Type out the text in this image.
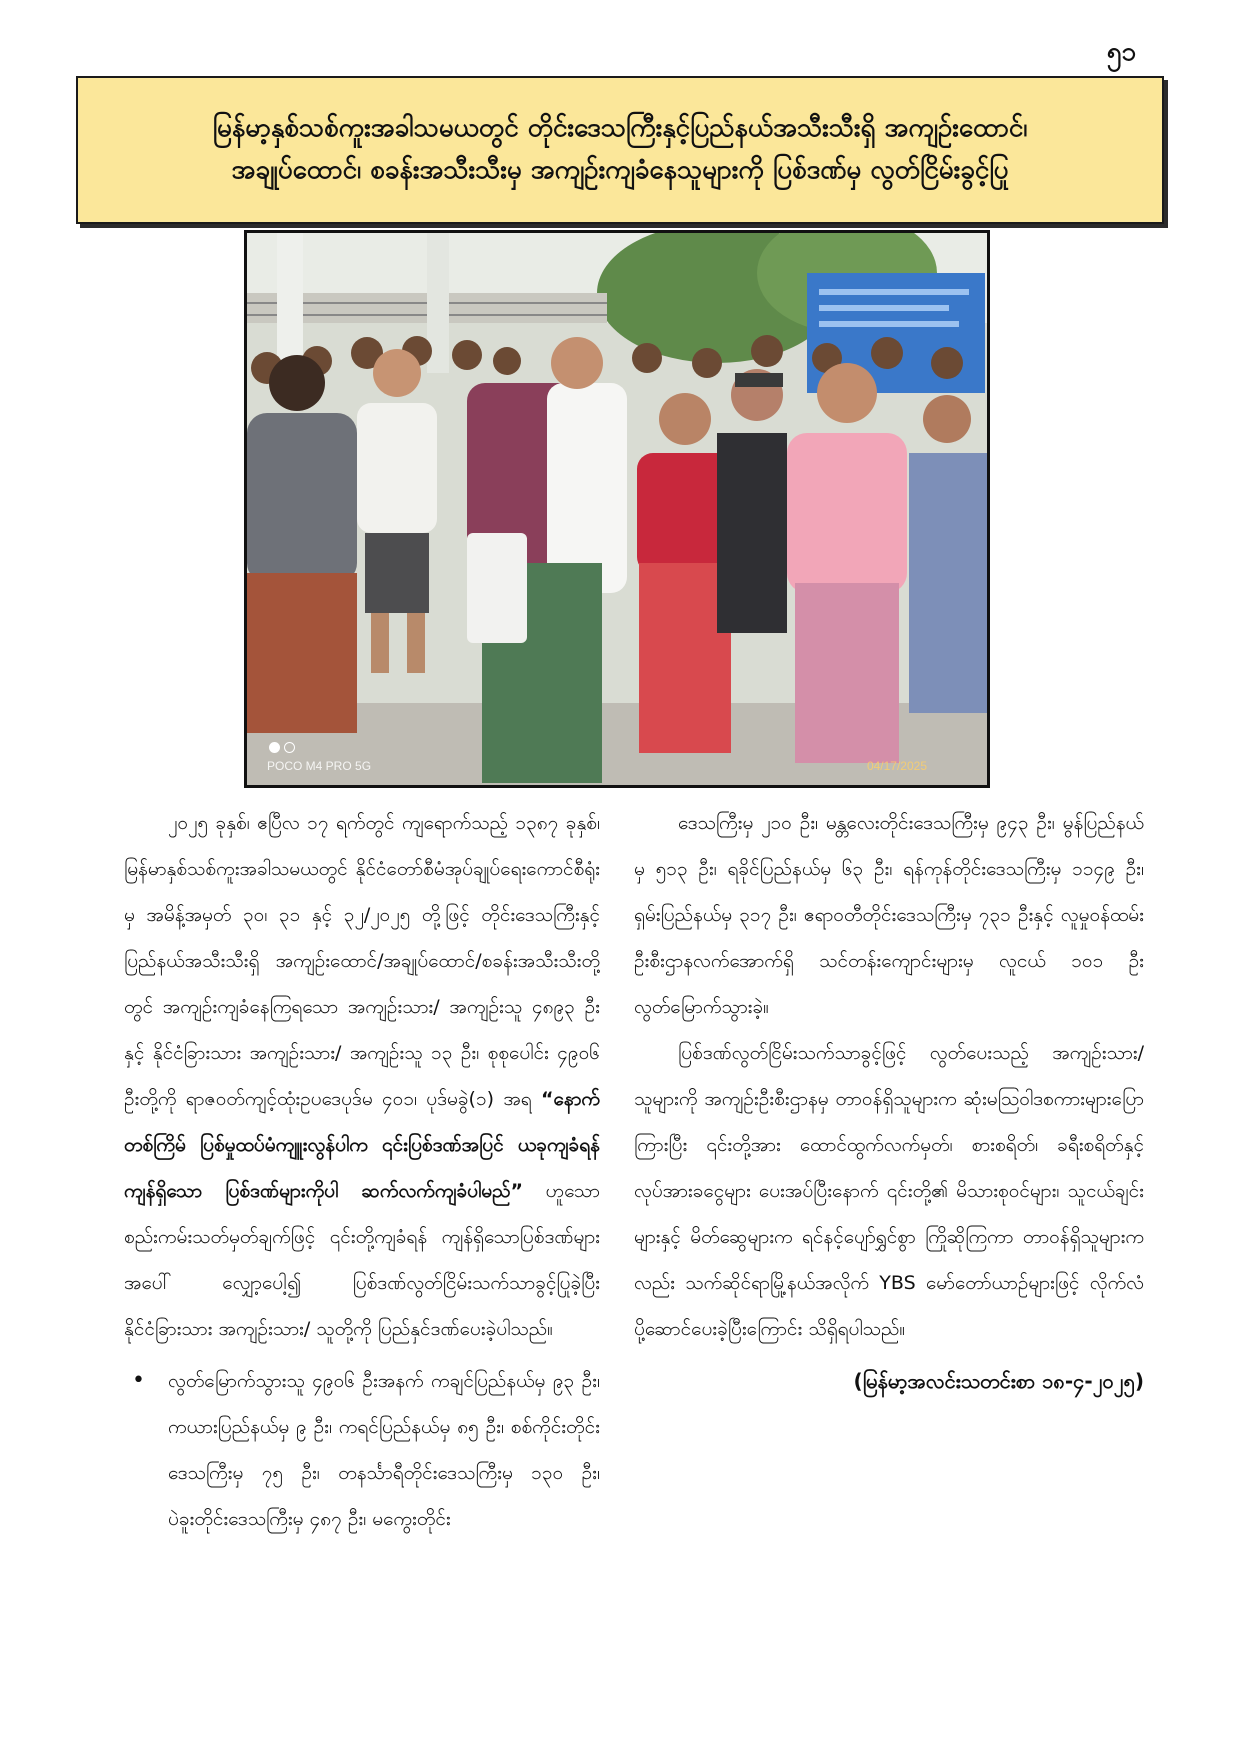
၅၁
မြန်မာ့နှစ်သစ်ကူးအခါသမယတွင် တိုင်းဒေသကြီးနှင့်ပြည်နယ်အသီးသီးရှိ အကျဉ်းထောင်၊
အချုပ်ထောင်၊ စခန်းအသီးသီးမှ အကျဉ်းကျခံနေသူများကို ပြစ်ဒဏ်မှ လွတ်ငြိမ်းခွင့်ပြု
POCO M4 PRO 5G	04/17/2025

၂၀၂၅ ခုနှစ်၊ ဧပြီလ ၁၇ ရက်တွင် ကျရောက်သည့် ၁၃၈၇ ခုနှစ်၊ မြန်မာနှစ်သစ်ကူးအခါသမယတွင် နိုင်ငံတော်စီမံအုပ်ချုပ်ရေးကောင်စီရုံးမှ အမိန့်အမှတ် ၃၀၊ ၃၁ နှင့် ၃၂/၂၀၂၅ တို့ဖြင့် တိုင်းဒေသကြီးနှင့် ပြည်နယ်အသီးသီးရှိ အကျဉ်းထောင်/အချုပ်ထောင်/စခန်းအသီးသီးတို့တွင် အကျဉ်းကျခံနေကြရသော အကျဉ်းသား/ အကျဉ်းသူ ၄၈၉၃ ဦးနှင့် နိုင်ငံခြားသား အကျဉ်းသား/ အကျဉ်းသူ ၁၃ ဦး၊ စုစုပေါင်း ၄၉၀၆ ဦးတို့ကို ရာဇဝတ်ကျင့်ထုံးဥပဒေပုဒ်မ ၄၀၁၊ ပုဒ်မခွဲ(၁) အရ “နောက်တစ်ကြိမ် ပြစ်မှုထပ်မံကျူးလွန်ပါက ၎င်းပြစ်ဒဏ်အပြင် ယခုကျခံရန်ကျန်ရှိသော ပြစ်ဒဏ်များကိုပါ ဆက်လက်ကျခံပါမည်” ဟူသော စည်းကမ်းသတ်မှတ်ချက်ဖြင့် ၎င်းတို့ကျခံရန် ကျန်ရှိသောပြစ်ဒဏ်များအပေါ် လျှော့ပေါ့၍ ပြစ်ဒဏ်လွတ်ငြိမ်းသက်သာခွင့်ပြုခဲ့ပြီး နိုင်ငံခြားသား အကျဉ်းသား/ သူတို့ကို ပြည်နှင်ဒဏ်ပေးခဲ့ပါသည်။

• လွတ်မြောက်သွားသူ ၄၉၀၆ ဦးအနက် ကချင်ပြည်နယ်မှ ၉၃ ဦး၊ ကယားပြည်နယ်မှ ၉ ဦး၊ ကရင်ပြည်နယ်မှ ၈၅ ဦး၊ စစ်ကိုင်းတိုင်းဒေသကြီးမှ ၇၅ ဦး၊ တနင်္သာရီတိုင်းဒေသကြီးမှ ၁၃၀ ဦး၊ ပဲခူးတိုင်းဒေသကြီးမှ ၄၈၇ ဦး၊ မကွေးတိုင်း

ဒေသကြီးမှ ၂၁၀ ဦး၊ မန္တလေးတိုင်းဒေသကြီးမှ ၉၄၃ ဦး၊ မွန်ပြည်နယ်မှ ၅၁၃ ဦး၊ ရခိုင်ပြည်နယ်မှ ၆၃ ဦး၊ ရန်ကုန်တိုင်းဒေသကြီးမှ ၁၁၄၉ ဦး၊ ရှမ်းပြည်နယ်မှ ၃၁၇ ဦး၊ ဧရာဝတီတိုင်းဒေသကြီးမှ ၇၃၁ ဦးနှင့် လူမှုဝန်ထမ်းဦးစီးဌာနလက်အောက်ရှိ သင်တန်းကျောင်းများမှ လူငယ် ၁၀၁ ဦး လွတ်မြောက်သွားခဲ့။

ပြစ်ဒဏ်လွတ်ငြိမ်းသက်သာခွင့်ဖြင့် လွတ်ပေးသည့် အကျဉ်းသား/သူများကို အကျဉ်းဦးစီးဌာနမှ တာဝန်ရှိသူများက ဆုံးမသြဝါဒစကားများပြောကြားပြီး ၎င်းတို့အား ထောင်ထွက်လက်မှတ်၊ စားစရိတ်၊ ခရီးစရိတ်နှင့် လုပ်အားခငွေများ ပေးအပ်ပြီးနောက် ၎င်းတို့၏ မိသားစုဝင်များ၊ သူငယ်ချင်းများနှင့် မိတ်ဆွေများက ရင်နင့်ပျော်ရွှင်စွာ ကြိုဆိုကြကာ တာဝန်ရှိသူများကလည်း သက်ဆိုင်ရာမြို့နယ်အလိုက် YBS မော်တော်ယာဉ်များဖြင့် လိုက်လံပို့ဆောင်ပေးခဲ့ပြီးကြောင်း သိရှိရပါသည်။

(မြန်မာ့အလင်းသတင်းစာ ၁၈-၄-၂၀၂၅)
